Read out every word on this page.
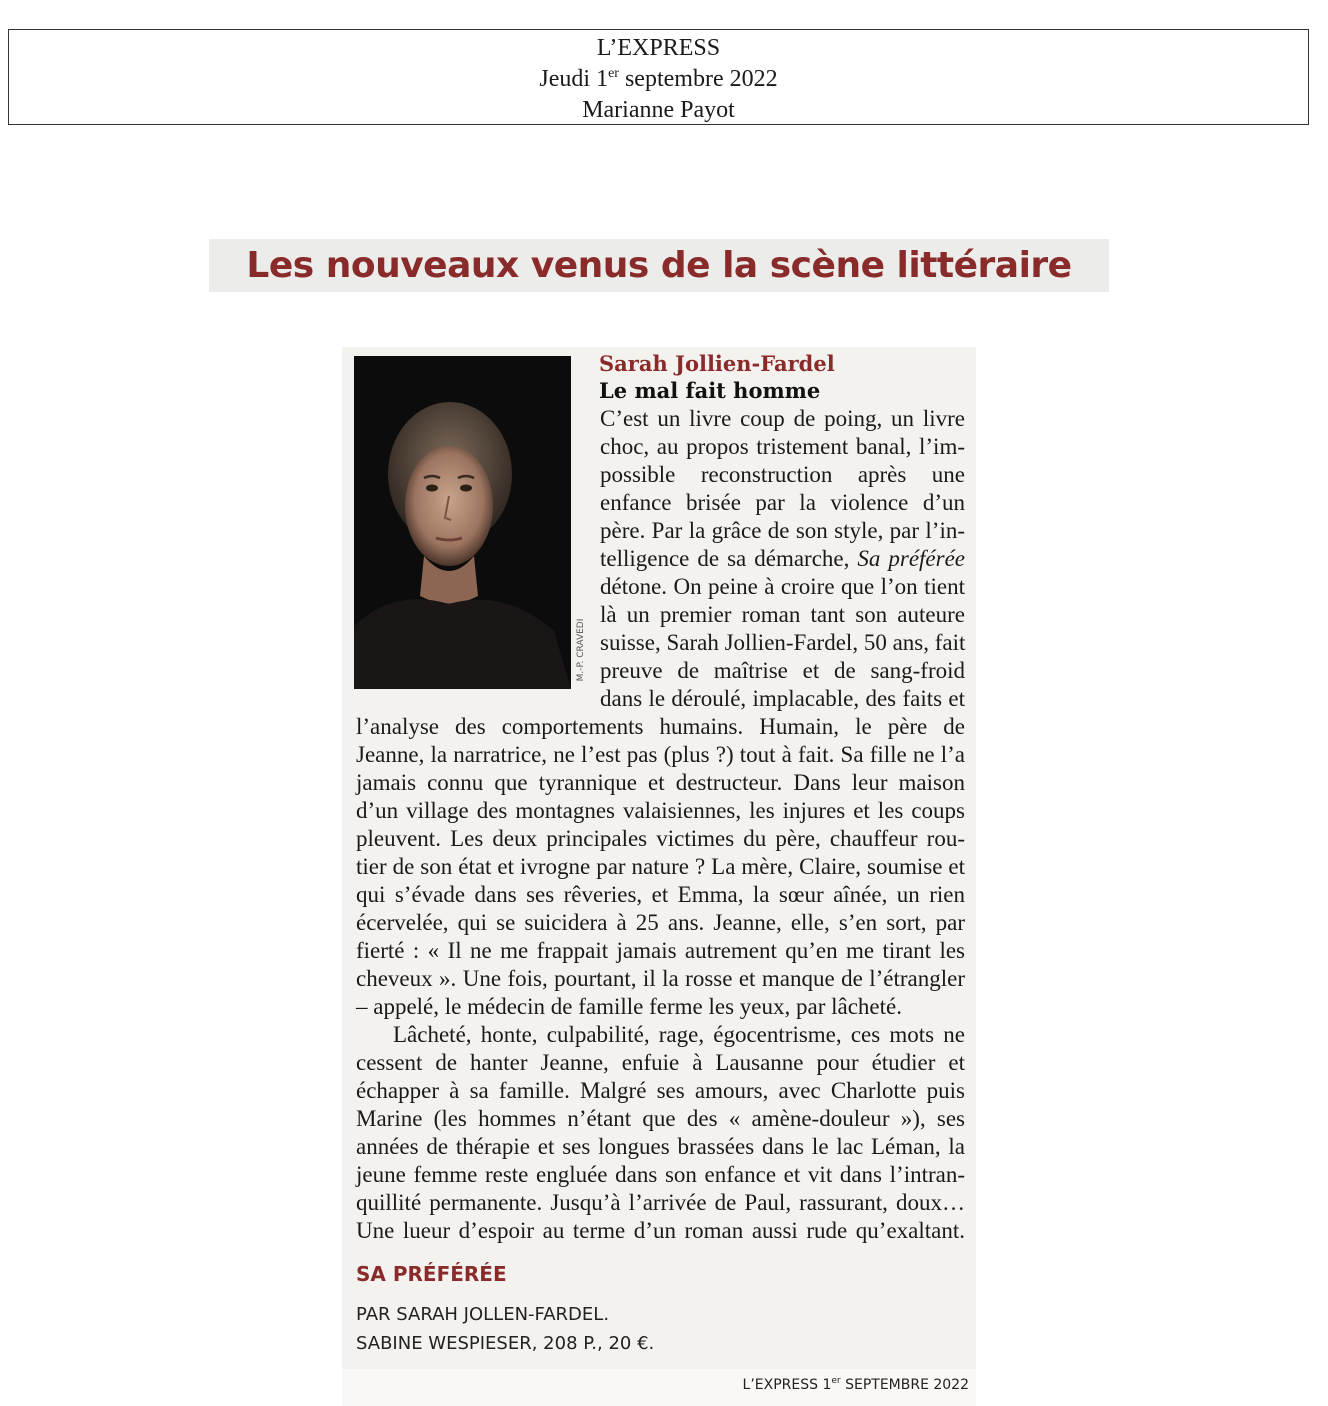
L’EXPRESS
Jeudi 1er septembre 2022
Marianne Payot
Les nouveaux venus de la scène littéraire
M.-P. CRAVEDI
Sarah Jollien-Fardel
Le mal fait homme
C’est un livre coup de poing, un livre
choc, au propos tristement banal, l’im-
possible reconstruction après une
enfance brisée par la violence d’un
père. Par la grâce de son style, par l’in-
telligence de sa démarche, Sa préférée
détone. On peine à croire que l’on tient
là un premier roman tant son auteure
suisse, Sarah Jollien-Fardel, 50 ans, fait
preuve de maîtrise et de sang-froid
dans le déroulé, implacable, des faits et
l’analyse des comportements humains. Humain, le père de
Jeanne, la narratrice, ne l’est pas (plus ?) tout à fait. Sa fille ne l’a
jamais connu que tyrannique et destructeur. Dans leur maison
d’un village des montagnes valaisiennes, les injures et les coups
pleuvent. Les deux principales victimes du père, chauffeur rou-
tier de son état et ivrogne par nature ? La mère, Claire, soumise et
qui s’évade dans ses rêveries, et Emma, la sœur aînée, un rien
écervelée, qui se suicidera à 25 ans. Jeanne, elle, s’en sort, par
fierté : « Il ne me frappait jamais autrement qu’en me tirant les
cheveux ». Une fois, pourtant, il la rosse et manque de l’étrangler
– appelé, le médecin de famille ferme les yeux, par lâcheté.
Lâcheté, honte, culpabilité, rage, égocentrisme, ces mots ne
cessent de hanter Jeanne, enfuie à Lausanne pour étudier et
échapper à sa famille. Malgré ses amours, avec Charlotte puis
Marine (les hommes n’étant que des « amène-douleur »), ses
années de thérapie et ses longues brassées dans le lac Léman, la
jeune femme reste engluée dans son enfance et vit dans l’intran-
quillité permanente. Jusqu’à l’arrivée de Paul, rassurant, doux…
Une lueur d’espoir au terme d’un roman aussi rude qu’exaltant.
SA PRÉFÉRÉE
PAR SARAH JOLLEN-FARDEL.
SABINE WESPIESER, 208 P., 20 €.
L’EXPRESS 1er SEPTEMBRE 2022
